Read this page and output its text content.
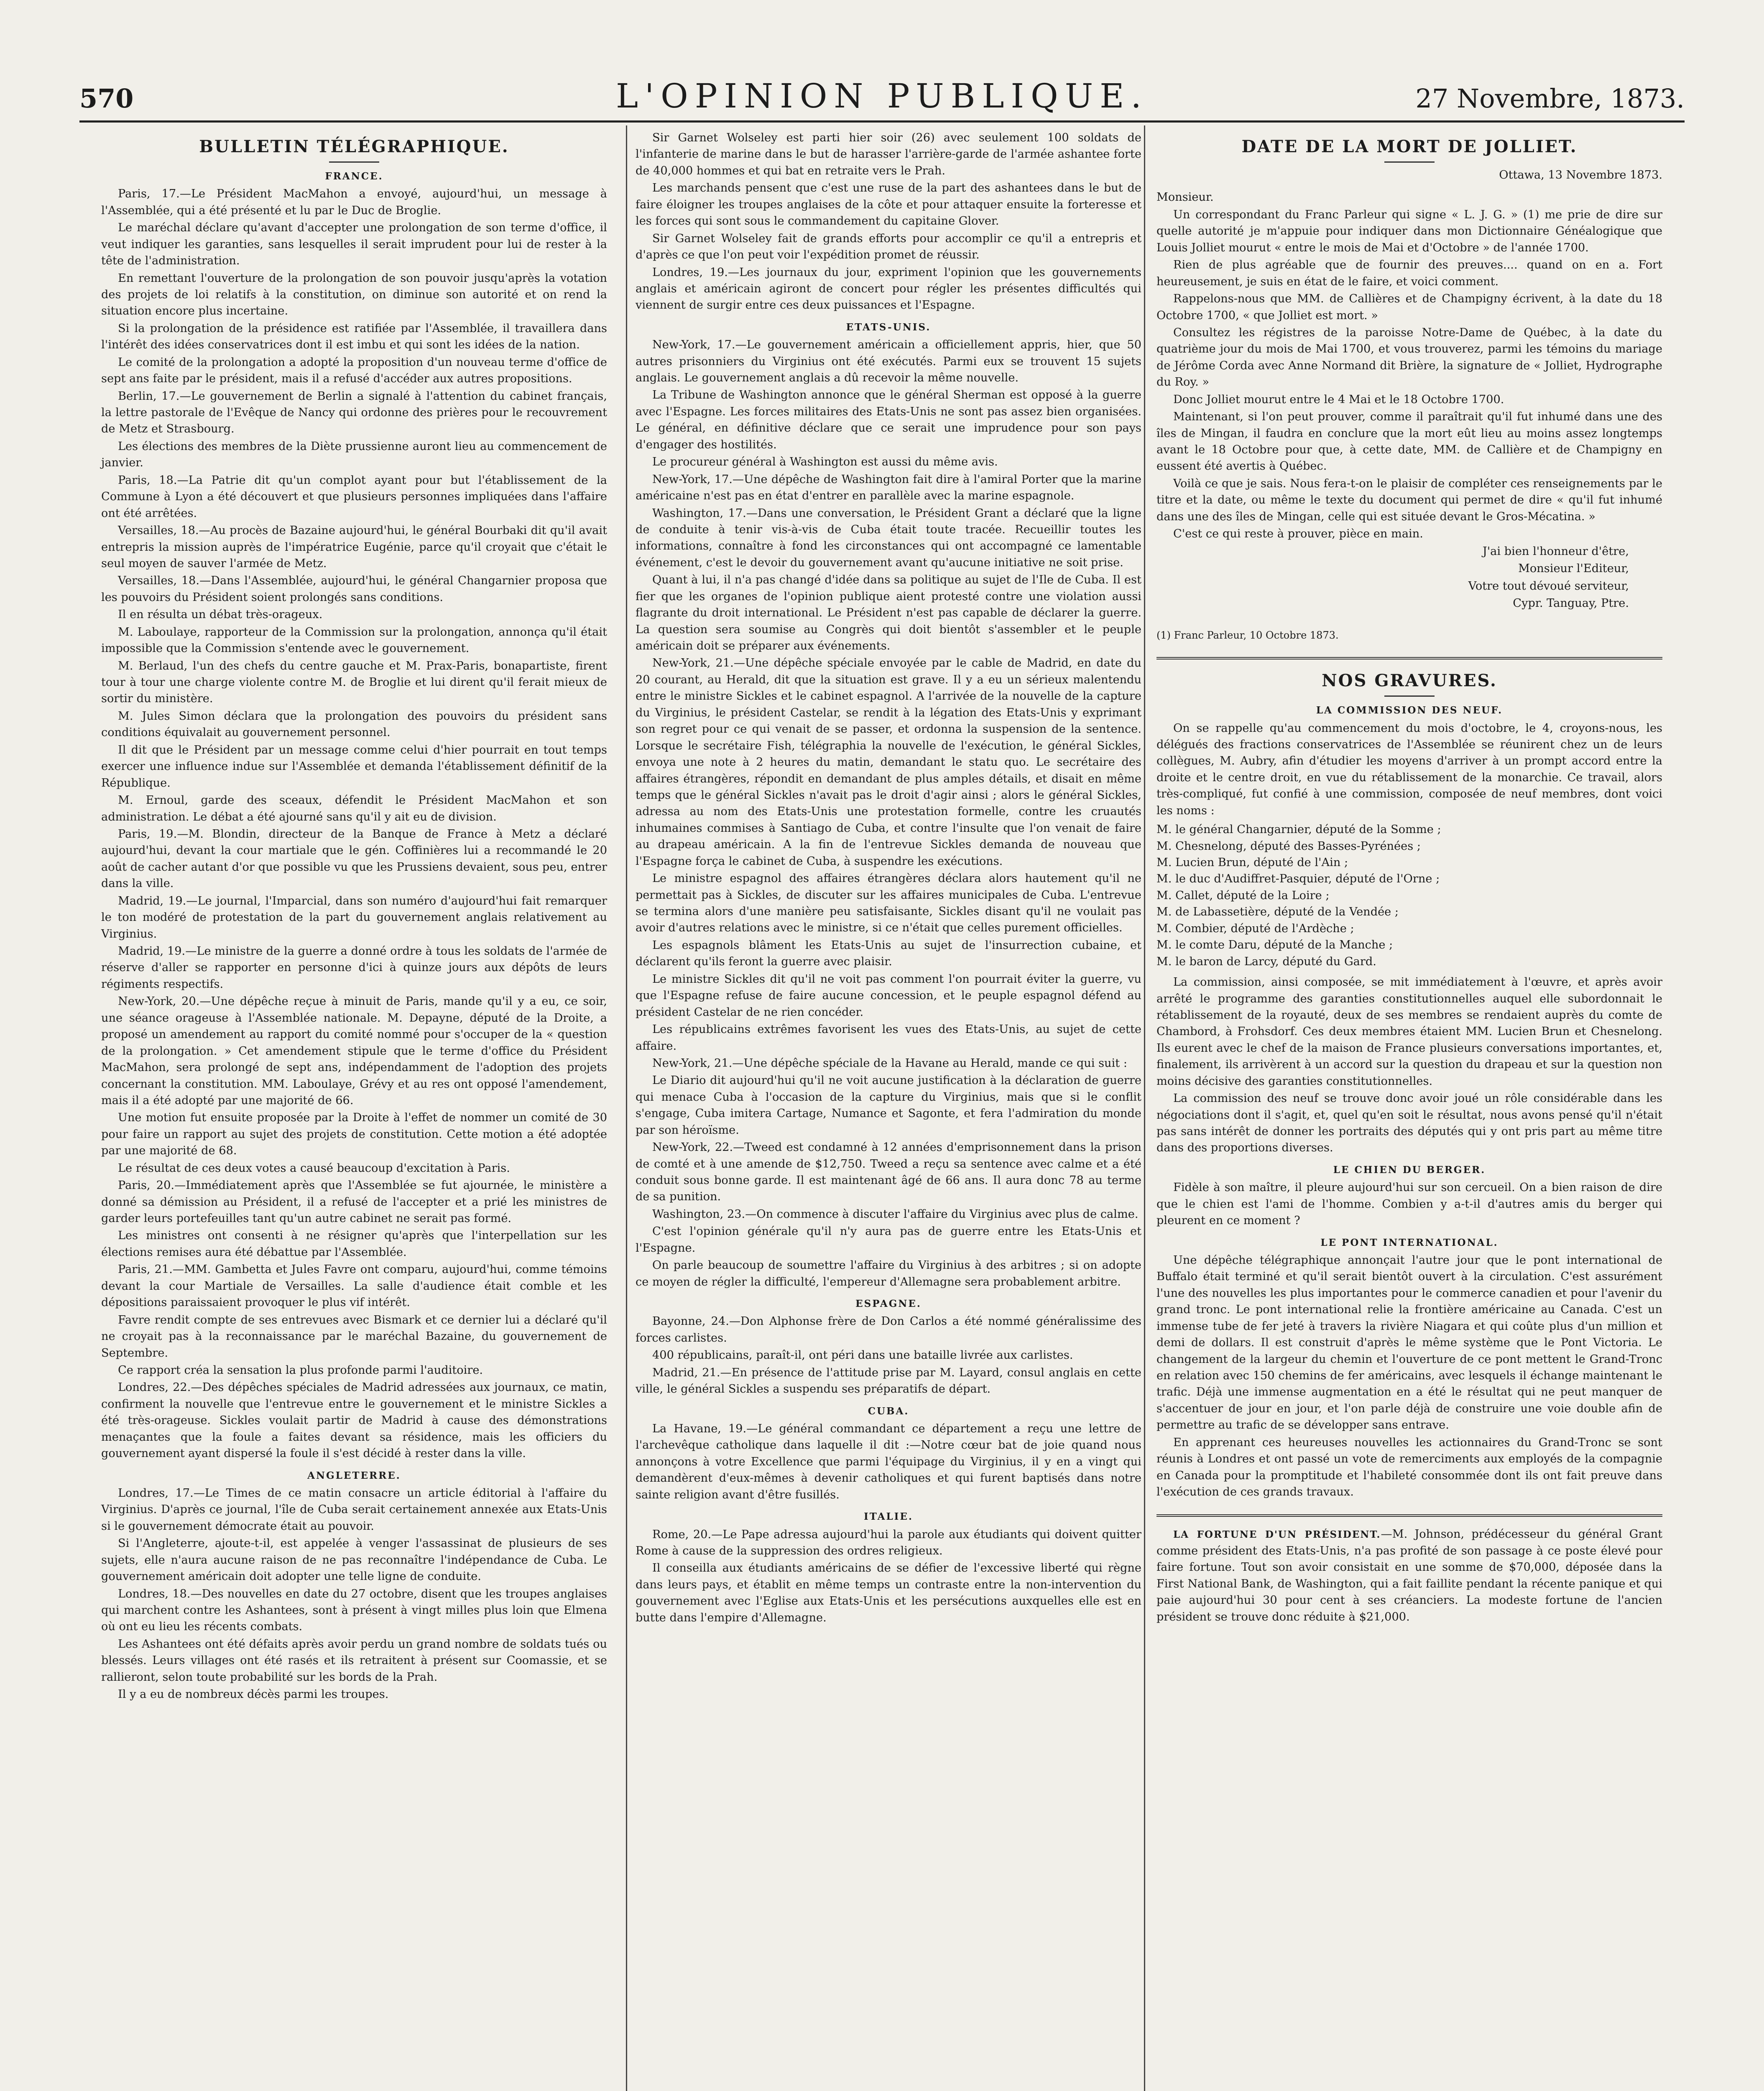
570	L'OPINION PUBLIQUE.	27 Novembre, 1873.
BULLETIN TÉLÉGRAPHIQUE.
FRANCE.

Paris, 17.—Le Président MacMahon a envoyé, aujourd'hui, un message à l'Assemblée, qui a été présenté et lu par le Duc de Broglie.

Le maréchal déclare qu'avant d'accepter une prolongation de son terme d'office, il veut indiquer les garanties, sans lesquelles il serait imprudent pour lui de rester à la tête de l'administration.

En remettant l'ouverture de la prolongation de son pouvoir jusqu'après la votation des projets de loi relatifs à la constitution, on diminue son autorité et on rend la situation encore plus incertaine.

Si la prolongation de la présidence est ratifiée par l'Assemblée, il travaillera dans l'intérêt des idées conservatrices dont il est imbu et qui sont les idées de la nation.

Le comité de la prolongation a adopté la proposition d'un nouveau terme d'office de sept ans faite par le président, mais il a refusé d'accéder aux autres propositions.

Berlin, 17.—Le gouvernement de Berlin a signalé à l'attention du cabinet français, la lettre pastorale de l'Evêque de Nancy qui ordonne des prières pour le recouvrement de Metz et Strasbourg.

Les élections des membres de la Diète prussienne auront lieu au commencement de janvier.

Paris, 18.—La Patrie dit qu'un complot ayant pour but l'établissement de la Commune à Lyon a été découvert et que plusieurs personnes impliquées dans l'affaire ont été arrêtées.

Versailles, 18.—Au procès de Bazaine aujourd'hui, le général Bourbaki dit qu'il avait entrepris la mission auprès de l'impératrice Eugénie, parce qu'il croyait que c'était le seul moyen de sauver l'armée de Metz.

Versailles, 18.—Dans l'Assemblée, aujourd'hui, le général Changarnier proposa que les pouvoirs du Président soient prolongés sans conditions.

Il en résulta un débat très-orageux.

M. Laboulaye, rapporteur de la Commission sur la prolongation, annonça qu'il était impossible que la Commission s'entende avec le gouvernement.

M. Berlaud, l'un des chefs du centre gauche et M. Prax-Paris, bonapartiste, firent tour à tour une charge violente contre M. de Broglie et lui dirent qu'il ferait mieux de sortir du ministère.

M. Jules Simon déclara que la prolongation des pouvoirs du président sans conditions équivalait au gouvernement personnel.

Il dit que le Président par un message comme celui d'hier pourrait en tout temps exercer une influence indue sur l'Assemblée et demanda l'établissement définitif de la République.

M. Ernoul, garde des sceaux, défendit le Président MacMahon et son administration. Le débat a été ajourné sans qu'il y ait eu de division.

Paris, 19.—M. Blondin, directeur de la Banque de France à Metz a déclaré aujourd'hui, devant la cour martiale que le gén. Coffinières lui a recommandé le 20 août de cacher autant d'or que possible vu que les Prussiens devaient, sous peu, entrer dans la ville.

Madrid, 19.—Le journal, l'Imparcial, dans son numéro d'aujourd'hui fait remarquer le ton modéré de protestation de la part du gouvernement anglais relativement au Virginius.

Madrid, 19.—Le ministre de la guerre a donné ordre à tous les soldats de l'armée de réserve d'aller se rapporter en personne d'ici à quinze jours aux dépôts de leurs régiments respectifs.

New-York, 20.—Une dépêche reçue à minuit de Paris, mande qu'il y a eu, ce soir, une séance orageuse à l'Assemblée nationale. M. Depayne, député de la Droite, a proposé un amendement au rapport du comité nommé pour s'occuper de la « question de la prolongation. » Cet amendement stipule que le terme d'office du Président MacMahon, sera prolongé de sept ans, indépendamment de l'adoption des projets concernant la constitution. MM. Laboulaye, Grévy et au res ont opposé l'amendement, mais il a été adopté par une majorité de 66.

Une motion fut ensuite proposée par la Droite à l'effet de nommer un comité de 30 pour faire un rapport au sujet des projets de constitution. Cette motion a été adoptée par une majorité de 68.

Le résultat de ces deux votes a causé beaucoup d'excitation à Paris.

Paris, 20.—Immédiatement après que l'Assemblée se fut ajournée, le ministère a donné sa démission au Président, il a refusé de l'accepter et a prié les ministres de garder leurs portefeuilles tant qu'un autre cabinet ne serait pas formé.

Les ministres ont consenti à ne résigner qu'après que l'interpellation sur les élections remises aura été débattue par l'Assemblée.

Paris, 21.—MM. Gambetta et Jules Favre ont comparu, aujourd'hui, comme témoins devant la cour Martiale de Versailles. La salle d'audience était comble et les dépositions paraissaient provoquer le plus vif intérêt.

Favre rendit compte de ses entrevues avec Bismark et ce dernier lui a déclaré qu'il ne croyait pas à la reconnaissance par le maréchal Bazaine, du gouvernement de Septembre.

Ce rapport créa la sensation la plus profonde parmi l'auditoire.

Londres, 22.—Des dépêches spéciales de Madrid adressées aux journaux, ce matin, confirment la nouvelle que l'entrevue entre le gouvernement et le ministre Sickles a été très-orageuse. Sickles voulait partir de Madrid à cause des démonstrations menaçantes que la foule a faites devant sa résidence, mais les officiers du gouvernement ayant dispersé la foule il s'est décidé à rester dans la ville.

ANGLETERRE.

Londres, 17.—Le Times de ce matin consacre un article éditorial à l'affaire du Virginius. D'après ce journal, l'île de Cuba serait certainement annexée aux Etats-Unis si le gouvernement démocrate était au pouvoir.

Si l'Angleterre, ajoute-t-il, est appelée à venger l'assassinat de plusieurs de ses sujets, elle n'aura aucune raison de ne pas reconnaître l'indépendance de Cuba. Le gouvernement américain doit adopter une telle ligne de conduite.

Londres, 18.—Des nouvelles en date du 27 octobre, disent que les troupes anglaises qui marchent contre les Ashantees, sont à présent à vingt milles plus loin que Elmena où ont eu lieu les récents combats.

Les Ashantees ont été défaits après avoir perdu un grand nombre de soldats tués ou blessés. Leurs villages ont été rasés et ils retraitent à présent sur Coomassie, et se rallieront, selon toute probabilité sur les bords de la Prah.

Il y a eu de nombreux décès parmi les troupes.

Sir Garnet Wolseley est parti hier soir (26) avec seulement 100 soldats de l'infanterie de marine dans le but de harasser l'arrière-garde de l'armée ashantee forte de 40,000 hommes et qui bat en retraite vers le Prah.

Les marchands pensent que c'est une ruse de la part des ashantees dans le but de faire éloigner les troupes anglaises de la côte et pour attaquer ensuite la forteresse et les forces qui sont sous le commandement du capitaine Glover.

Sir Garnet Wolseley fait de grands efforts pour accomplir ce qu'il a entrepris et d'après ce que l'on peut voir l'expédition promet de réussir.

Londres, 19.—Les journaux du jour, expriment l'opinion que les gouvernements anglais et américain agiront de concert pour régler les présentes difficultés qui viennent de surgir entre ces deux puissances et l'Espagne.

ETATS-UNIS.

New-York, 17.—Le gouvernement américain a officiellement appris, hier, que 50 autres prisonniers du Virginius ont été exécutés. Parmi eux se trouvent 15 sujets anglais. Le gouvernement anglais a dû recevoir la même nouvelle.

La Tribune de Washington annonce que le général Sherman est opposé à la guerre avec l'Espagne. Les forces militaires des Etats-Unis ne sont pas assez bien organisées. Le général, en définitive déclare que ce serait une imprudence pour son pays d'engager des hostilités.

Le procureur général à Washington est aussi du même avis.

New-York, 17.—Une dépêche de Washington fait dire à l'amiral Porter que la marine américaine n'est pas en état d'entrer en parallèle avec la marine espagnole.

Washington, 17.—Dans une conversation, le Président Grant a déclaré que la ligne de conduite à tenir vis-à-vis de Cuba était toute tracée. Recueillir toutes les informations, connaître à fond les circonstances qui ont accompagné ce lamentable événement, c'est le devoir du gouvernement avant qu'aucune initiative ne soit prise.

Quant à lui, il n'a pas changé d'idée dans sa politique au sujet de l'Ile de Cuba. Il est fier que les organes de l'opinion publique aient protesté contre une violation aussi flagrante du droit international. Le Président n'est pas capable de déclarer la guerre. La question sera soumise au Congrès qui doit bientôt s'assembler et le peuple américain doit se préparer aux événements.

New-York, 21.—Une dépêche spéciale envoyée par le cable de Madrid, en date du 20 courant, au Herald, dit que la situation est grave. Il y a eu un sérieux malentendu entre le ministre Sickles et le cabinet espagnol. A l'arrivée de la nouvelle de la capture du Virginius, le président Castelar, se rendit à la légation des Etats-Unis y exprimant son regret pour ce qui venait de se passer, et ordonna la suspension de la sentence. Lorsque le secrétaire Fish, télégraphia la nouvelle de l'exécution, le général Sickles, envoya une note à 2 heures du matin, demandant le statu quo. Le secrétaire des affaires étrangères, répondit en demandant de plus amples détails, et disait en même temps que le général Sickles n'avait pas le droit d'agir ainsi ; alors le général Sickles, adressa au nom des Etats-Unis une protestation formelle, contre les cruautés inhumaines commises à Santiago de Cuba, et contre l'insulte que l'on venait de faire au drapeau américain. A la fin de l'entrevue Sickles demanda de nouveau que l'Espagne força le cabinet de Cuba, à suspendre les exécutions.

Le ministre espagnol des affaires étrangères déclara alors hautement qu'il ne permettait pas à Sickles, de discuter sur les affaires municipales de Cuba. L'entrevue se termina alors d'une manière peu satisfaisante, Sickles disant qu'il ne voulait pas avoir d'autres relations avec le ministre, si ce n'était que celles purement officielles.

Les espagnols blâment les Etats-Unis au sujet de l'insurrection cubaine, et déclarent qu'ils feront la guerre avec plaisir.

Le ministre Sickles dit qu'il ne voit pas comment l'on pourrait éviter la guerre, vu que l'Espagne refuse de faire aucune concession, et le peuple espagnol défend au président Castelar de ne rien concéder.

Les républicains extrêmes favorisent les vues des Etats-Unis, au sujet de cette affaire.

New-York, 21.—Une dépêche spéciale de la Havane au Herald, mande ce qui suit :

Le Diario dit aujourd'hui qu'il ne voit aucune justification à la déclaration de guerre qui menace Cuba à l'occasion de la capture du Virginius, mais que si le conflit s'engage, Cuba imitera Cartage, Numance et Sagonte, et fera l'admiration du monde par son héroïsme.

New-York, 22.—Tweed est condamné à 12 années d'emprisonnement dans la prison de comté et à une amende de $12,750. Tweed a reçu sa sentence avec calme et a été conduit sous bonne garde. Il est maintenant âgé de 66 ans. Il aura donc 78 au terme de sa punition.

Washington, 23.—On commence à discuter l'affaire du Virginius avec plus de calme.

C'est l'opinion générale qu'il n'y aura pas de guerre entre les Etats-Unis et l'Espagne.

On parle beaucoup de soumettre l'affaire du Virginius à des arbitres ; si on adopte ce moyen de régler la difficulté, l'empereur d'Allemagne sera probablement arbitre.

ESPAGNE.

Bayonne, 24.—Don Alphonse frère de Don Carlos a été nommé généralissime des forces carlistes.

400 républicains, paraît-il, ont péri dans une bataille livrée aux carlistes.

Madrid, 21.—En présence de l'attitude prise par M. Layard, consul anglais en cette ville, le général Sickles a suspendu ses préparatifs de départ.

CUBA.

La Havane, 19.—Le général commandant ce département a reçu une lettre de l'archevêque catholique dans laquelle il dit :—Notre cœur bat de joie quand nous annonçons à votre Excellence que parmi l'équipage du Virginius, il y en a vingt qui demandèrent d'eux-mêmes à devenir catholiques et qui furent baptisés dans notre sainte religion avant d'être fusillés.

ITALIE.

Rome, 20.—Le Pape adressa aujourd'hui la parole aux étudiants qui doivent quitter Rome à cause de la suppression des ordres religieux.

Il conseilla aux étudiants américains de se défier de l'excessive liberté qui règne dans leurs pays, et établit en même temps un contraste entre la non-intervention du gouvernement avec l'Eglise aux Etats-Unis et les persécutions auxquelles elle est en butte dans l'empire d'Allemagne.

DATE DE LA MORT DE JOLLIET.

Ottawa, 13 Novembre 1873.

Monsieur.

Un correspondant du Franc Parleur qui signe « L. J. G. » (1) me prie de dire sur quelle autorité je m'appuie pour indiquer dans mon Dictionnaire Généalogique que Louis Jolliet mourut « entre le mois de Mai et d'Octobre » de l'année 1700.

Rien de plus agréable que de fournir des preuves.... quand on en a. Fort heureusement, je suis en état de le faire, et voici comment.

Rappelons-nous que MM. de Callières et de Champigny écrivent, à la date du 18 Octobre 1700, « que Jolliet est mort. »

Consultez les régistres de la paroisse Notre-Dame de Québec, à la date du quatrième jour du mois de Mai 1700, et vous trouverez, parmi les témoins du mariage de Jérôme Corda avec Anne Normand dit Brière, la signature de « Jolliet, Hydrographe du Roy. »

Donc Jolliet mourut entre le 4 Mai et le 18 Octobre 1700.

Maintenant, si l'on peut prouver, comme il paraîtrait qu'il fut inhumé dans une des îles de Mingan, il faudra en conclure que la mort eût lieu au moins assez longtemps avant le 18 Octobre pour que, à cette date, MM. de Callière et de Champigny en eussent été avertis à Québec.

Voilà ce que je sais. Nous fera-t-on le plaisir de compléter ces renseignements par le titre et la date, ou même le texte du document qui permet de dire « qu'il fut inhumé dans une des îles de Mingan, celle qui est située devant le Gros-Mécatina. »

C'est ce qui reste à prouver, pièce en main.

J'ai bien l'honneur d'être,

Monsieur l'Editeur,

Votre tout dévoué serviteur,

Cypr. Tanguay, Ptre.

(1) Franc Parleur, 10 Octobre 1873.

NOS GRAVURES.
LA COMMISSION DES NEUF.

On se rappelle qu'au commencement du mois d'octobre, le 4, croyons-nous, les délégués des fractions conservatrices de l'Assemblée se réunirent chez un de leurs collègues, M. Aubry, afin d'étudier les moyens d'arriver à un prompt accord entre la droite et le centre droit, en vue du rétablissement de la monarchie. Ce travail, alors très-compliqué, fut confié à une commission, composée de neuf membres, dont voici les noms :

M. le général Changarnier, député de la Somme ;
M. Chesnelong, député des Basses-Pyrénées ;
M. Lucien Brun, député de l'Ain ;
M. le duc d'Audiffret-Pasquier, député de l'Orne ;
M. Callet, député de la Loire ;
M. de Labassetière, député de la Vendée ;
M. Combier, député de l'Ardèche ;
M. le comte Daru, député de la Manche ;
M. le baron de Larcy, député du Gard.

La commission, ainsi composée, se mit immédiatement à l'œuvre, et après avoir arrêté le programme des garanties constitutionnelles auquel elle subordonnait le rétablissement de la royauté, deux de ses membres se rendaient auprès du comte de Chambord, à Frohsdorf. Ces deux membres étaient MM. Lucien Brun et Chesnelong. Ils eurent avec le chef de la maison de France plusieurs conversations importantes, et, finalement, ils arrivèrent à un accord sur la question du drapeau et sur la question non moins décisive des garanties constitutionnelles.

La commission des neuf se trouve donc avoir joué un rôle considérable dans les négociations dont il s'agit, et, quel qu'en soit le résultat, nous avons pensé qu'il n'était pas sans intérêt de donner les portraits des députés qui y ont pris part au même titre dans des proportions diverses.

LE CHIEN DU BERGER.

Fidèle à son maître, il pleure aujourd'hui sur son cercueil. On a bien raison de dire que le chien est l'ami de l'homme. Combien y a-t-il d'autres amis du berger qui pleurent en ce moment ?

LE PONT INTERNATIONAL.

Une dépêche télégraphique annonçait l'autre jour que le pont international de Buffalo était terminé et qu'il serait bientôt ouvert à la circulation. C'est assurément l'une des nouvelles les plus importantes pour le commerce canadien et pour l'avenir du grand tronc. Le pont international relie la frontière américaine au Canada. C'est un immense tube de fer jeté à travers la rivière Niagara et qui coûte plus d'un million et demi de dollars. Il est construit d'après le même système que le Pont Victoria. Le changement de la largeur du chemin et l'ouverture de ce pont mettent le Grand-Tronc en relation avec 150 chemins de fer américains, avec lesquels il échange maintenant le trafic. Déjà une immense augmentation en a été le résultat qui ne peut manquer de s'accentuer de jour en jour, et l'on parle déjà de construire une voie double afin de permettre au trafic de se développer sans entrave.

En apprenant ces heureuses nouvelles les actionnaires du Grand-Tronc se sont réunis à Londres et ont passé un vote de remerciments aux employés de la compagnie en Canada pour la promptitude et l'habileté consommée dont ils ont fait preuve dans l'exécution de ces grands travaux.

LA FORTUNE D'UN PRÉSIDENT.—M. Johnson, prédécesseur du général Grant comme président des Etats-Unis, n'a pas profité de son passage à ce poste élevé pour faire fortune. Tout son avoir consistait en une somme de $70,000, déposée dans la First National Bank, de Washington, qui a fait faillite pendant la récente panique et qui paie aujourd'hui 30 pour cent à ses créanciers. La modeste fortune de l'ancien président se trouve donc réduite à $21,000.
